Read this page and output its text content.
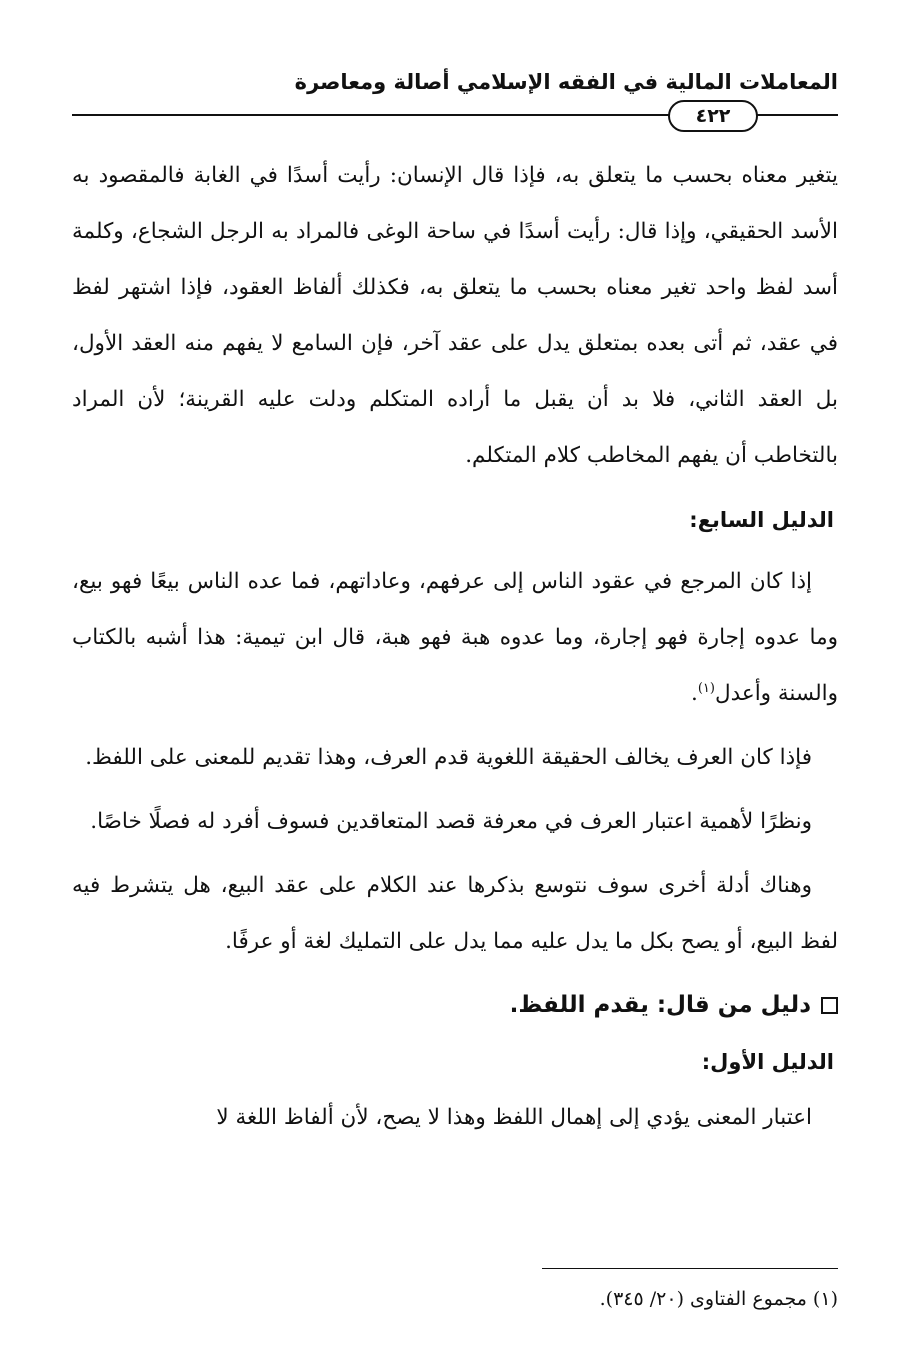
المعاملات المالية في الفقه الإسلامي أصالة ومعاصرة
٤٢٢

يتغير معناه بحسب ما يتعلق به، فإذا قال الإنسان: رأيت أسدًا في الغابة فالمقصود به الأسد الحقيقي، وإذا قال: رأيت أسدًا في ساحة الوغى فالمراد به الرجل الشجاع، وكلمة أسد لفظ واحد تغير معناه بحسب ما يتعلق به، فكذلك ألفاظ العقود، فإذا اشتهر لفظ في عقد، ثم أتى بعده بمتعلق يدل على عقد آخر، فإن السامع لا يفهم منه العقد الأول، بل العقد الثاني، فلا بد أن يقبل ما أراده المتكلم ودلت عليه القرينة؛ لأن المراد بالتخاطب أن يفهم المخاطب كلام المتكلم.

الدليل السابع:

إذا كان المرجع في عقود الناس إلى عرفهم، وعاداتهم، فما عده الناس بيعًا فهو بيع، وما عدوه إجارة فهو إجارة، وما عدوه هبة فهو هبة، قال ابن تيمية: هذا أشبه بالكتاب والسنة وأعدل$^{(١)}$.

فإذا كان العرف يخالف الحقيقة اللغوية قدم العرف، وهذا تقديم للمعنى على اللفظ.

ونظرًا لأهمية اعتبار العرف في معرفة قصد المتعاقدين فسوف أفرد له فصلًا خاصًا.

وهناك أدلة أخرى سوف نتوسع بذكرها عند الكلام على عقد البيع، هل يتشرط فيه لفظ البيع، أو يصح بكل ما يدل عليه مما يدل على التمليك لغة أو عرفًا.

دليل من قال: يقدم اللفظ.
الدليل الأول:

اعتبار المعنى يؤدي إلى إهمال اللفظ وهذا لا يصح، لأن ألفاظ اللغة لا

(١) مجموع الفتاوى (٢٠/ ٣٤٥).
